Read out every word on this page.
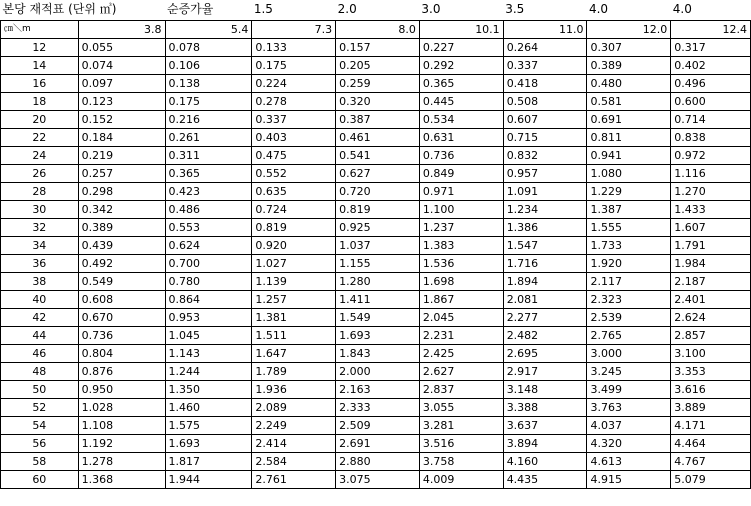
본당 재적표 (단위 ㎥)		순증가율	1.5	2.0	3.0	3.5	4.0	4.0
㎝＼m	3.8	5.4	7.3	8.0	10.1	11.0	12.0	12.4
12	0.055	0.078	0.133	0.157	0.227	0.264	0.307	0.317
14	0.074	0.106	0.175	0.205	0.292	0.337	0.389	0.402
16	0.097	0.138	0.224	0.259	0.365	0.418	0.480	0.496
18	0.123	0.175	0.278	0.320	0.445	0.508	0.581	0.600
20	0.152	0.216	0.337	0.387	0.534	0.607	0.691	0.714
22	0.184	0.261	0.403	0.461	0.631	0.715	0.811	0.838
24	0.219	0.311	0.475	0.541	0.736	0.832	0.941	0.972
26	0.257	0.365	0.552	0.627	0.849	0.957	1.080	1.116
28	0.298	0.423	0.635	0.720	0.971	1.091	1.229	1.270
30	0.342	0.486	0.724	0.819	1.100	1.234	1.387	1.433
32	0.389	0.553	0.819	0.925	1.237	1.386	1.555	1.607
34	0.439	0.624	0.920	1.037	1.383	1.547	1.733	1.791
36	0.492	0.700	1.027	1.155	1.536	1.716	1.920	1.984
38	0.549	0.780	1.139	1.280	1.698	1.894	2.117	2.187
40	0.608	0.864	1.257	1.411	1.867	2.081	2.323	2.401
42	0.670	0.953	1.381	1.549	2.045	2.277	2.539	2.624
44	0.736	1.045	1.511	1.693	2.231	2.482	2.765	2.857
46	0.804	1.143	1.647	1.843	2.425	2.695	3.000	3.100
48	0.876	1.244	1.789	2.000	2.627	2.917	3.245	3.353
50	0.950	1.350	1.936	2.163	2.837	3.148	3.499	3.616
52	1.028	1.460	2.089	2.333	3.055	3.388	3.763	3.889
54	1.108	1.575	2.249	2.509	3.281	3.637	4.037	4.171
56	1.192	1.693	2.414	2.691	3.516	3.894	4.320	4.464
58	1.278	1.817	2.584	2.880	3.758	4.160	4.613	4.767
60	1.368	1.944	2.761	3.075	4.009	4.435	4.915	5.079
